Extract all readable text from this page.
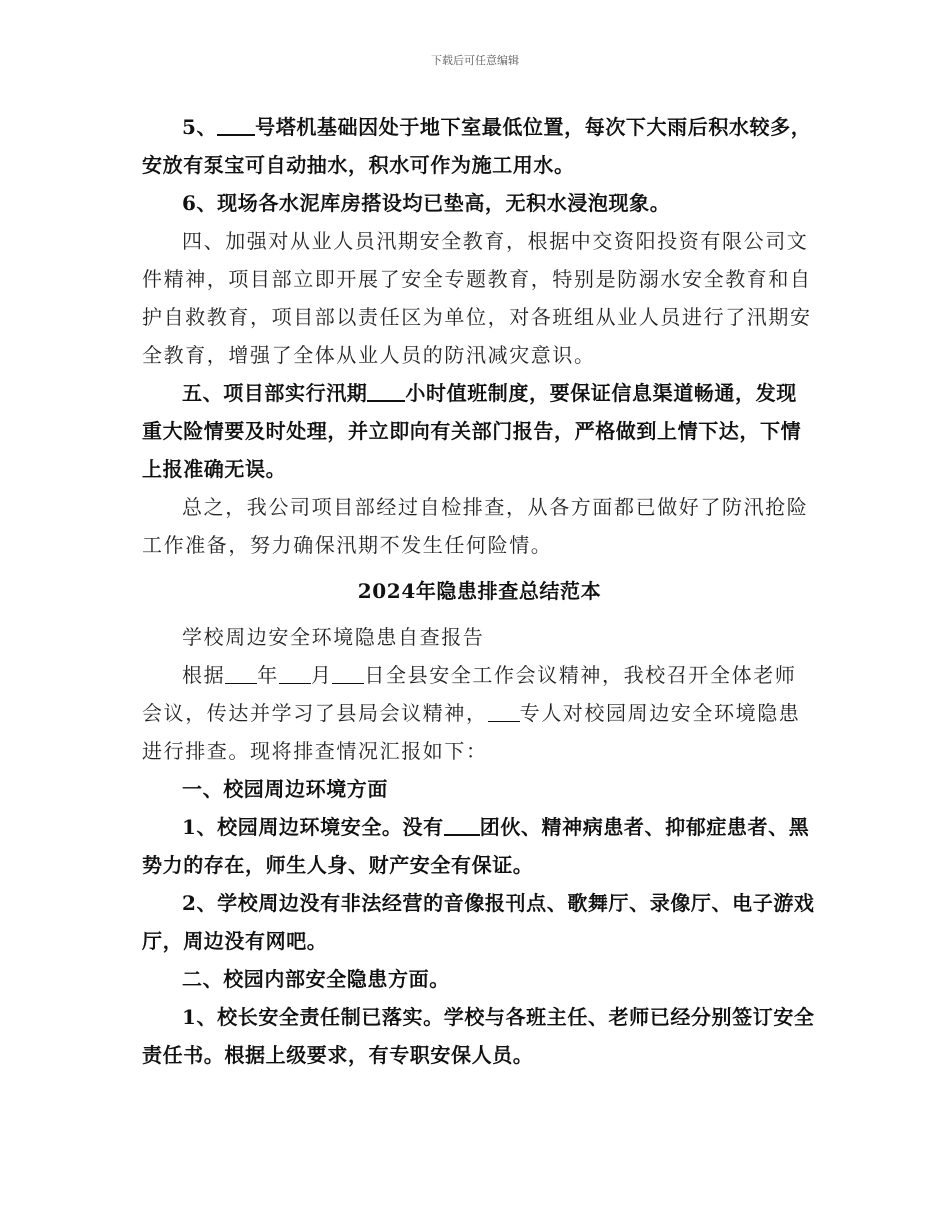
下载后可任意编辑

5、 号塔机基础因处于地下室最低位置，每次下大雨后积水较多，安放有泵宝可自动抽水，积水可作为施工用水。

6、现场各水泥库房搭设均已垫高，无积水浸泡现象。

四、加强对从业人员汛期安全教育，根据中交资阳投资有限公司文件精神，项目部立即开展了安全专题教育，特别是防溺水安全教育和自护自救教育，项目部以责任区为单位，对各班组从业人员进行了汛期安全教育，增强了全体从业人员的防汛减灾意识。

五、项目部实行汛期 小时值班制度，要保证信息渠道畅通，发现重大险情要及时处理，并立即向有关部门报告，严格做到上情下达，下情上报准确无误。

总之，我公司项目部经过自检排查，从各方面都已做好了防汛抢险工作准备，努力确保汛期不发生任何险情。

2024年隐患排查总结范本

学校周边安全环境隐患自查报告

根据 年 月 日全县安全工作会议精神，我校召开全体老师会议，传达并学习了县局会议精神， 专人对校园周边安全环境隐患进行排查。现将排查情况汇报如下：

一、校园周边环境方面

1、校园周边环境安全。没有 团伙、精神病患者、抑郁症患者、黑势力的存在，师生人身、财产安全有保证。

2、学校周边没有非法经营的音像报刊点、歌舞厅、录像厅、电子游戏厅，周边没有网吧。

二、校园内部安全隐患方面。

1、校长安全责任制已落实。学校与各班主任、老师已经分别签订安全责任书。根据上级要求，有专职安保人员。
